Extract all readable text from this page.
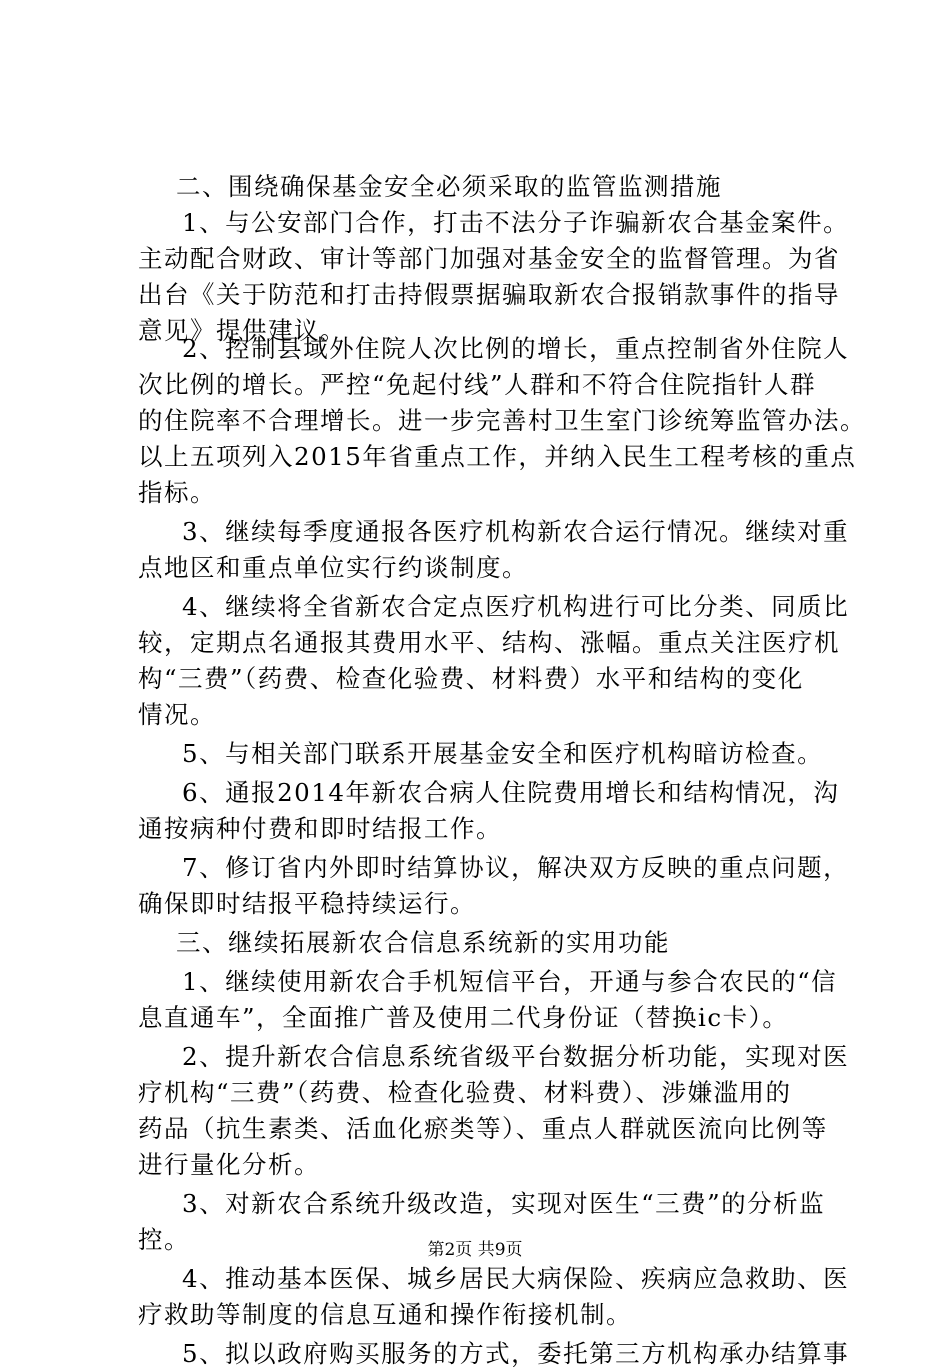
二、围绕确保基金安全必须采取的监管监测措施
1、与公安部门合作，打击不法分子诈骗新农合基金案件。
主动配合财政、审计等部门加强对基金安全的监督管理。为省
出台《关于防范和打击持假票据骗取新农合报销款事件的指导
意见》提供建议。
2、控制县域外住院人次比例的增长，重点控制省外住院人
次比例的增长。严控“免起付线”人群和不符合住院指针人群
的住院率不合理增长。进一步完善村卫生室门诊统筹监管办法。
以上五项列入2015年省重点工作，并纳入民生工程考核的重点
指标。
3、继续每季度通报各医疗机构新农合运行情况。继续对重
点地区和重点单位实行约谈制度。
4、继续将全省新农合定点医疗机构进行可比分类、同质比
较，定期点名通报其费用水平、结构、涨幅。重点关注医疗机
构“三费”（药费、检查化验费、材料费）水平和结构的变化
情况。
5、与相关部门联系开展基金安全和医疗机构暗访检查。
6、通报2014年新农合病人住院费用增长和结构情况，沟
通按病种付费和即时结报工作。
7、修订省内外即时结算协议，解决双方反映的重点问题，
确保即时结报平稳持续运行。
三、继续拓展新农合信息系统新的实用功能
1、继续使用新农合手机短信平台，开通与参合农民的“信
息直通车”，全面推广普及使用二代身份证（替换ic卡）。
2、提升新农合信息系统省级平台数据分析功能，实现对医
疗机构“三费”（药费、检查化验费、材料费）、涉嫌滥用的
药品（抗生素类、活血化瘀类等）、重点人群就医流向比例等
进行量化分析。
3、对新农合系统升级改造，实现对医生“三费”的分析监
控。
4、推动基本医保、城乡居民大病保险、疾病应急救助、医
疗救助等制度的信息互通和操作衔接机制。
5、拟以政府购买服务的方式，委托第三方机构承办结算事
第2页 共9页
